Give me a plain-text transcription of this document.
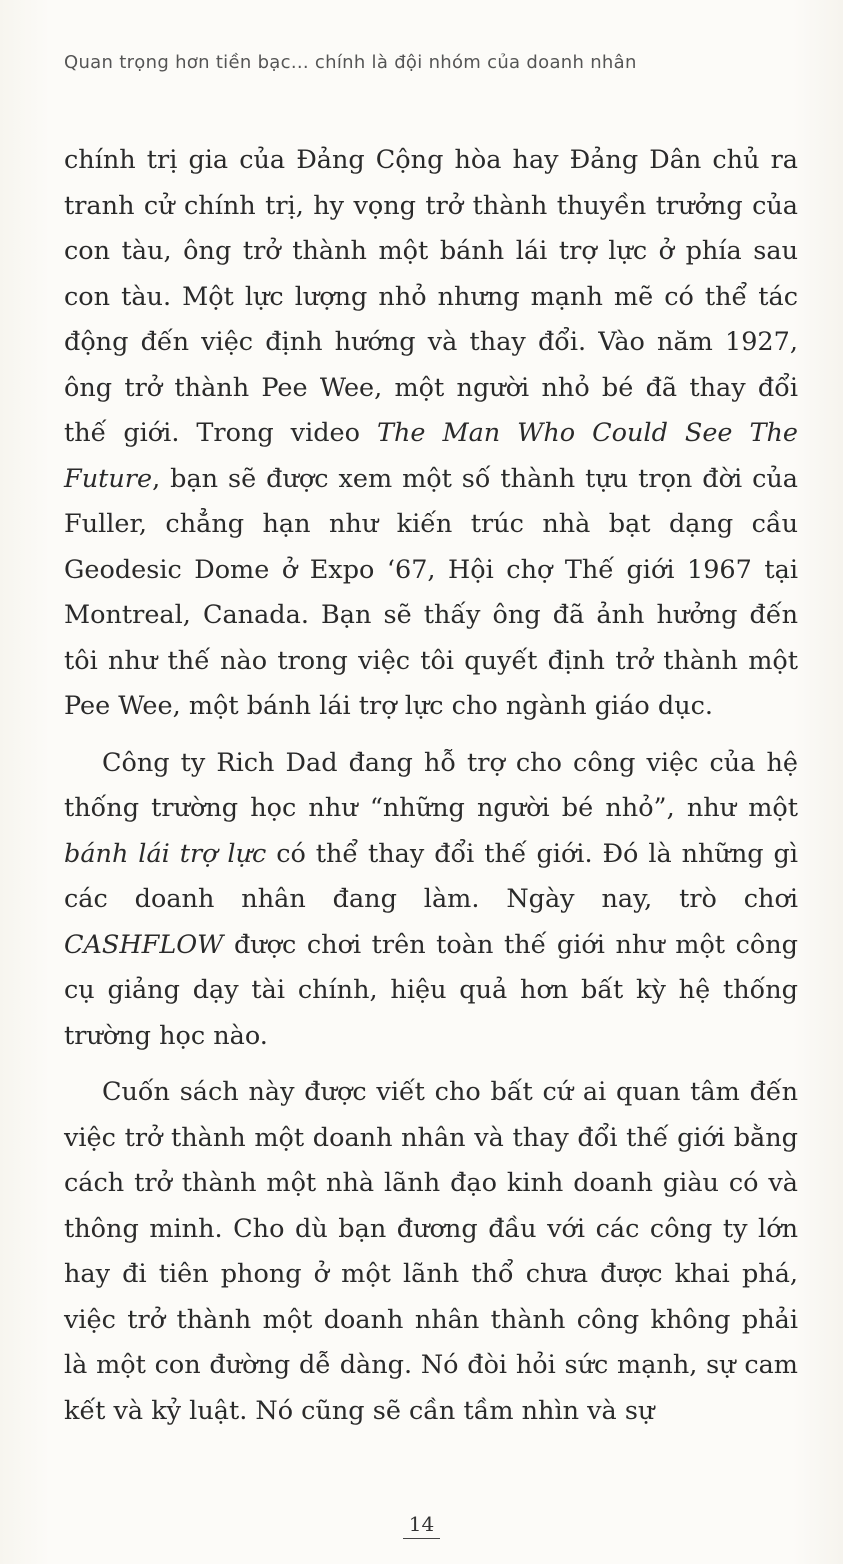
Quan trọng hơn tiền bạc... chính là đội nhóm của doanh nhân

chính trị gia của Đảng Cộng hòa hay Đảng Dân chủ ra tranh cử chính trị, hy vọng trở thành thuyền trưởng của con tàu, ông trở thành một bánh lái trợ lực ở phía sau con tàu. Một lực lượng nhỏ nhưng mạnh mẽ có thể tác động đến việc định hướng và thay đổi. Vào năm 1927, ông trở thành Pee Wee, một người nhỏ bé đã thay đổi thế giới. Trong video The Man Who Could See The Future, bạn sẽ được xem một số thành tựu trọn đời của Fuller, chẳng hạn như kiến trúc nhà bạt dạng cầu Geodesic Dome ở Expo ‘67, Hội chợ Thế giới 1967 tại Montreal, Canada. Bạn sẽ thấy ông đã ảnh hưởng đến tôi như thế nào trong việc tôi quyết định trở thành một Pee Wee, một bánh lái trợ lực cho ngành giáo dục.

Công ty Rich Dad đang hỗ trợ cho công việc của hệ thống trường học như “những người bé nhỏ”, như một bánh lái trợ lực có thể thay đổi thế giới. Đó là những gì các doanh nhân đang làm. Ngày nay, trò chơi CASHFLOW được chơi trên toàn thế giới như một công cụ giảng dạy tài chính, hiệu quả hơn bất kỳ hệ thống trường học nào.

Cuốn sách này được viết cho bất cứ ai quan tâm đến việc trở thành một doanh nhân và thay đổi thế giới bằng cách trở thành một nhà lãnh đạo kinh doanh giàu có và thông minh. Cho dù bạn đương đầu với các công ty lớn hay đi tiên phong ở một lãnh thổ chưa được khai phá, việc trở thành một doanh nhân thành công không phải là một con đường dễ dàng. Nó đòi hỏi sức mạnh, sự cam kết và kỷ luật. Nó cũng sẽ cần tầm nhìn và sự

14
